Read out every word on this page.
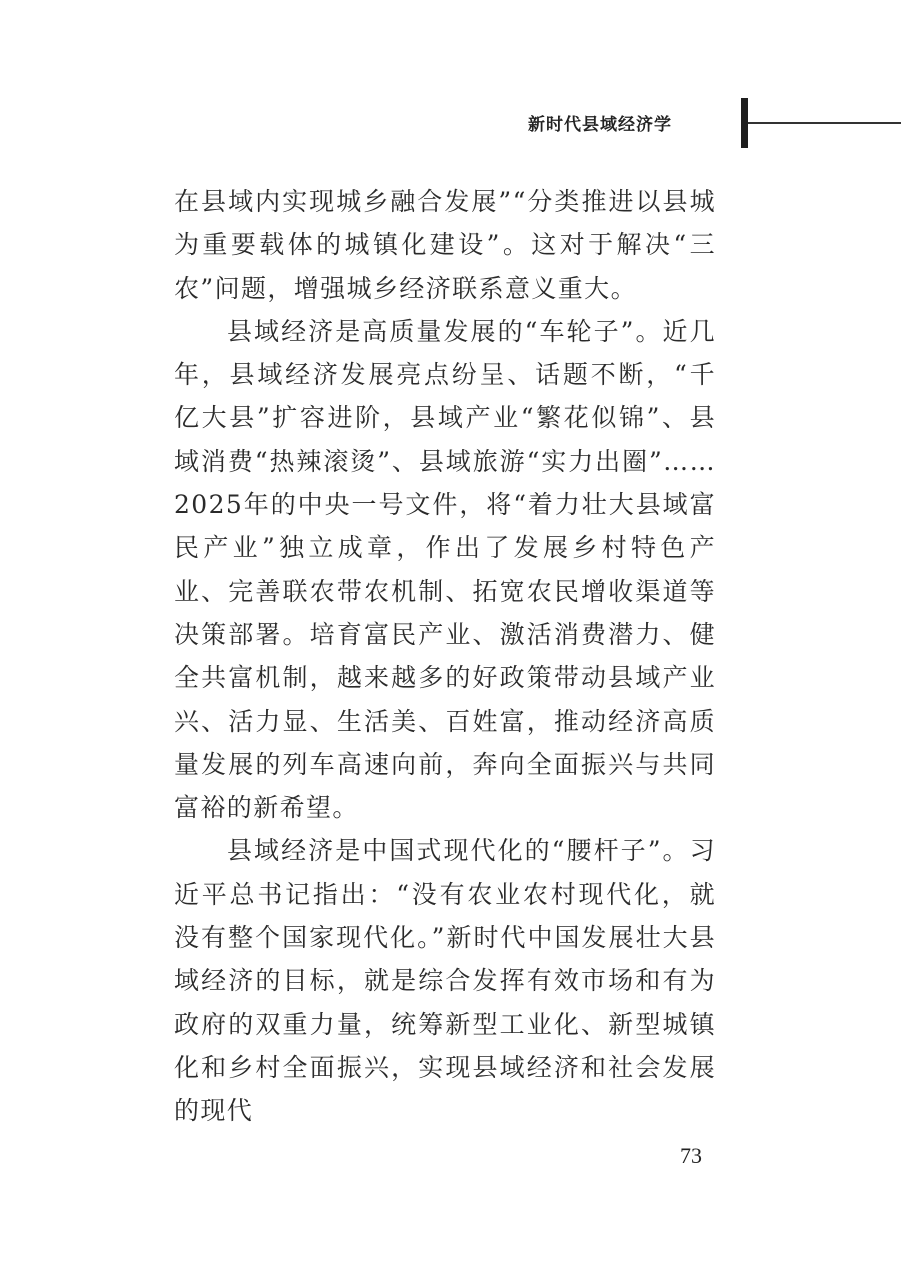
新时代县域经济学

在县域内实现城乡融合发展”“分类推进以县城为重要载体的城镇化建设”。这对于解决“三农”问题，增强城乡经济联系意义重大。

县域经济是高质量发展的“车轮子”。近几年，县域经济发展亮点纷呈、话题不断，“千亿大县”扩容进阶，县域产业“繁花似锦”、县域消费“热辣滚烫”、县域旅游“实力出圈”……2025年的中央一号文件，将“着力壮大县域富民产业”独立成章，作出了发展乡村特色产业、完善联农带农机制、拓宽农民增收渠道等决策部署。培育富民产业、激活消费潜力、健全共富机制，越来越多的好政策带动县域产业兴、活力显、生活美、百姓富，推动经济高质量发展的列车高速向前，奔向全面振兴与共同富裕的新希望。

县域经济是中国式现代化的“腰杆子”。习近平总书记指出：“没有农业农村现代化，就没有整个国家现代化。”新时代中国发展壮大县域经济的目标，就是综合发挥有效市场和有为政府的双重力量，统筹新型工业化、新型城镇化和乡村全面振兴，实现县域经济和社会发展的现代

73
